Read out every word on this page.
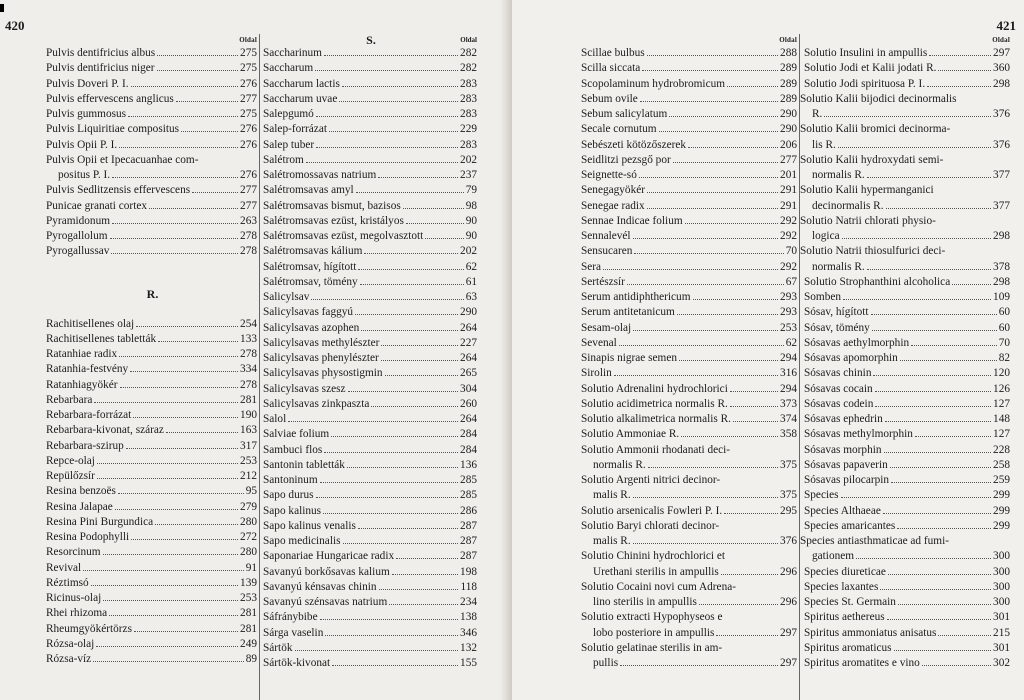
420
Oldal
Pulvis dentifricius albus	275
Pulvis dentifricius niger	275
Pulvis Doveri P. I.	276
Pulvis effervescens anglicus	277
Pulvis gummosus	275
Pulvis Liquiritiae compositus	276
Pulvis Opii P. I.	276
Pulvis Opii et Ipecacuanhae com-
positus P. I.	276
Pulvis Sedlitzensis effervescens	277
Punicae granati cortex	277
Pyramidonum	263
Pyrogallolum	278
Pyrogallussav	278
R.
Rachitisellenes olaj	254
Rachitisellenes tabletták	133
Ratanhiae radix	278
Ratanhia-festvény	334
Ratanhiagyökér	278
Rebarbara	281
Rebarbara-forrázat	190
Rebarbara-kivonat, száraz	163
Rebarbara-szirup	317
Repce-olaj	253
Repülőzsír	212
Resina benzoës	95
Resina Jalapae	279
Resina Pini Burgundica	280
Resina Podophylli	272
Resorcinum	280
Revival	91
Réztimsó	139
Ricinus-olaj	253
Rhei rhizoma	281
Rheumgyökértörzs	281
Rózsa-olaj	249
Rózsa-víz	89
S.	Oldal
Saccharinum	282
Saccharum	282
Saccharum lactis	283
Saccharum uvae	283
Salepgumó	283
Salep-forrázat	229
Salep tuber	283
Salétrom	202
Salétromossavas natrium	237
Salétromsavas amyl	79
Salétromsavas bismut, bazisos	98
Salétromsavas ezüst, kristályos	90
Salétromsavas ezüst, megolvasztott	90
Salétromsavas kálium	202
Salétromsav, hígított	62
Salétromsav, tömény	61
Salicylsav	63
Salicylsavas faggyú	290
Salicylsavas azophen	264
Salicylsavas methylészter	227
Salicylsavas phenylészter	264
Salicylsavas physostigmin	265
Salicylsavas szesz	304
Salicylsavas zinkpaszta	260
Salol	264
Salviae folium	284
Sambuci flos	284
Santonin tabletták	136
Santoninum	285
Sapo durus	285
Sapo kalinus	286
Sapo kalinus venalis	287
Sapo medicinalis	287
Saponariae Hungaricae radix	287
Savanyú borkősavas kalium	198
Savanyú kénsavas chinin	118
Savanyú szénsavas natrium	234
Sáfránybibe	138
Sárga vaselin	346
Sártök	132
Sártök-kivonat	155
421
Oldal
Scillae bulbus	288
Scilla siccata	289
Scopolaminum hydrobromicum	289
Sebum ovile	289
Sebum salicylatum	290
Secale cornutum	290
Sebészeti kötözőszerek	206
Seidlitzi pezsgő por	277
Seignette-só	201
Senegagyökér	291
Senegae radix	291
Sennae Indicae folium	292
Sennalevél	292
Sensucaren	70
Sera	292
Sertészsír	67
Serum antidiphthericum	293
Serum antitetanicum	293
Sesam-olaj	253
Sevenal	62
Sinapis nigrae semen	294
Sirolin	316
Solutio Adrenalini hydrochlorici	294
Solutio acidimetrica normalis R.	373
Solutio alkalimetrica normalis R.	374
Solutio Ammoniae R.	358
Solutio Ammonii rhodanati deci-
normalis R.	375
Solutio Argenti nitrici decinor-
malis R.	375
Solutio arsenicalis Fowleri P. I.	295
Solutio Baryi chlorati decinor-
malis R.	376
Solutio Chinini hydrochlorici et
Urethani sterilis in ampullis	296
Solutio Cocaini novi cum Adrena-
lino sterilis in ampullis	296
Solutio extracti Hypophyseos e
lobo posteriore in ampullis	297
Solutio gelatinae sterilis in am-
pullis	297
Oldal
Solutio Insulini in ampullis	297
Solutio Jodi et Kalii jodati R.	360
Solutio Jodi spirituosa P. I.	298
Solutio Kalii bijodici decinormalis
R.	376
Solutio Kalii bromici decinorma-
lis R.	376
Solutio Kalii hydroxydati semi-
normalis R.	377
Solutio Kalii hypermanganici
decinormalis R.	377
Solutio Natrii chlorati physio-
logica	298
Solutio Natrii thiosulfurici deci-
normalis R.	378
Solutio Strophanthini alcoholica	298
Somben	109
Sósav, hígított	60
Sósav, tömény	60
Sósavas aethylmorphin	70
Sósavas apomorphin	82
Sósavas chinin	120
Sósavas cocain	126
Sósavas codein	127
Sósavas ephedrin	148
Sósavas methylmorphin	127
Sósavas morphin	228
Sósavas papaverin	258
Sósavas pilocarpin	259
Species	299
Species Althaeae	299
Species amaricantes	299
Species antiasthmaticae ad fumi-
gationem	300
Species diureticae	300
Species laxantes	300
Species St. Germain	300
Spiritus aethereus	301
Spiritus ammoniatus anisatus	215
Spiritus aromaticus	301
Spiritus aromatites e vino	302
